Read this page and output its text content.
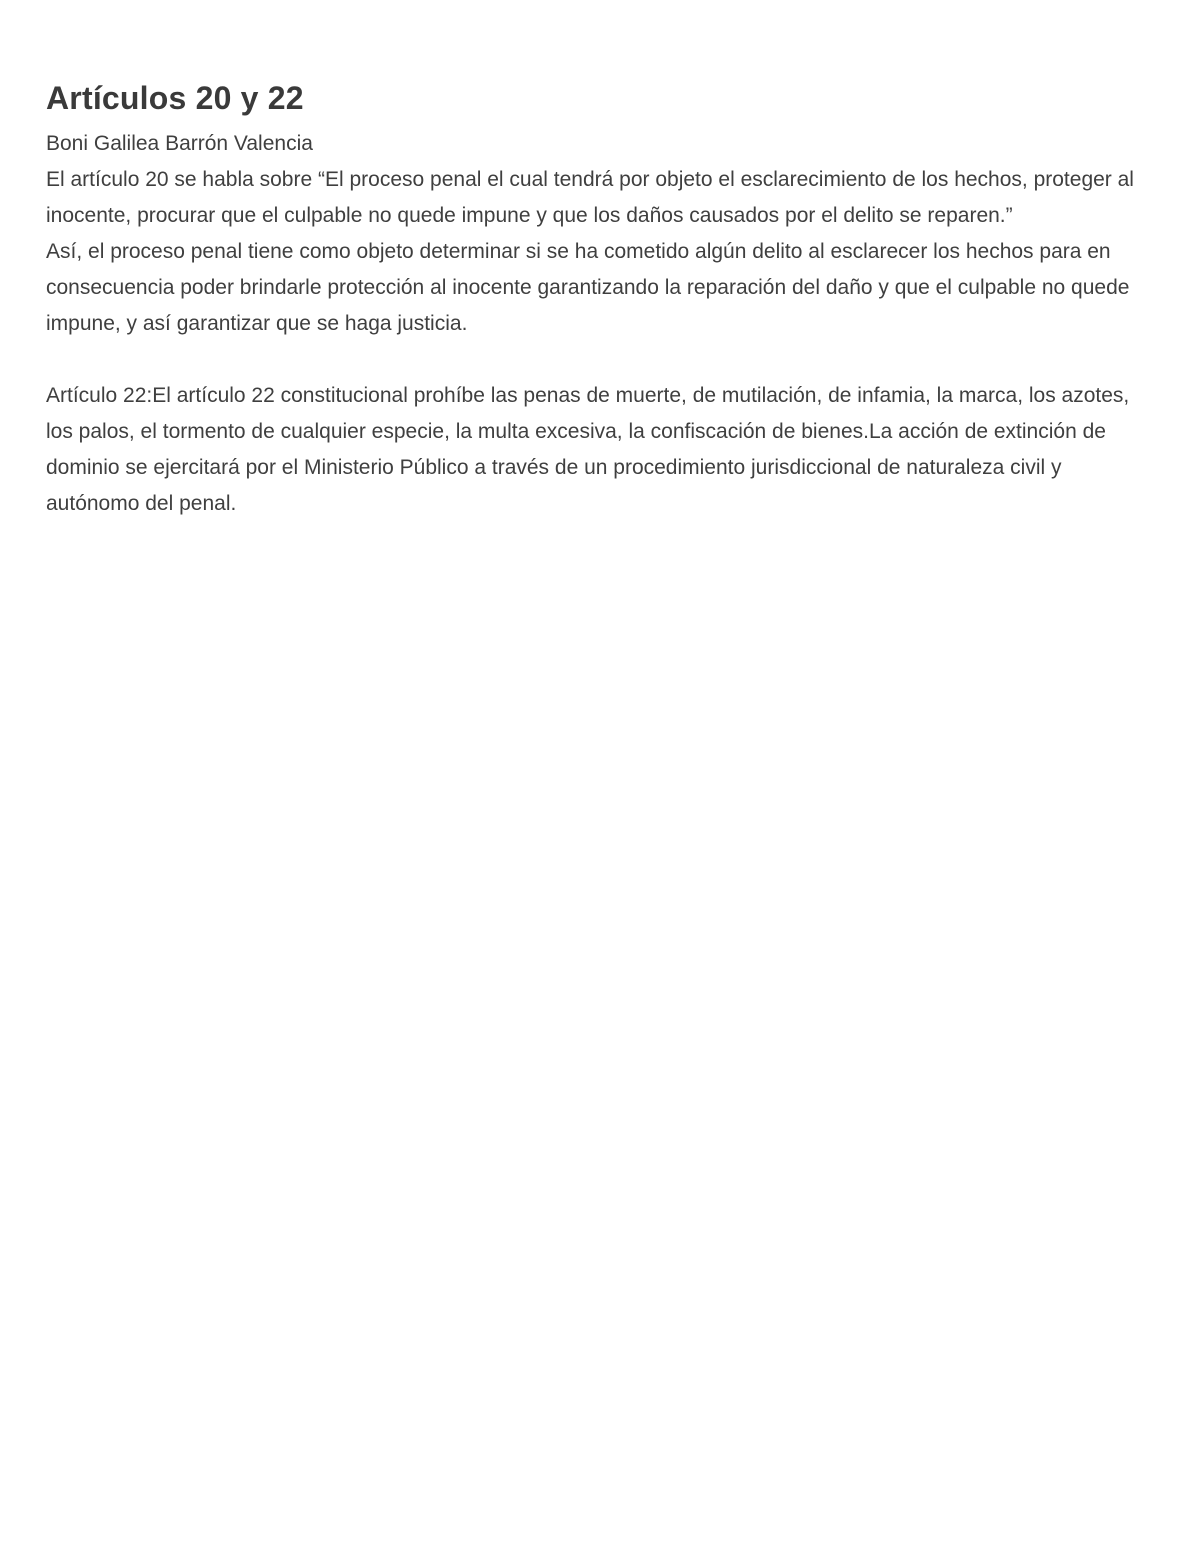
Artículos 20 y 22

Boni Galilea Barrón Valencia

El artículo 20 se habla sobre “El proceso penal el cual tendrá por objeto el esclarecimiento de los hechos, proteger al inocente, procurar que el culpable no quede impune y que los daños causados por el delito se reparen.”

Así, el proceso penal tiene como objeto determinar si se ha cometido algún delito al esclarecer los hechos para en consecuencia poder brindarle protección al inocente garantizando la reparación del daño y que el culpable no quede impune, y así garantizar que se haga justicia.

Artículo 22:El artículo 22 constitucional prohíbe las penas de muerte, de mutilación, de infamia, la marca, los azotes, los palos, el tormento de cualquier especie, la multa excesiva, la confiscación de bienes.La acción de extinción de dominio se ejercitará por el Ministerio Público a través de un procedimiento jurisdiccional de naturaleza civil y autónomo del penal.
